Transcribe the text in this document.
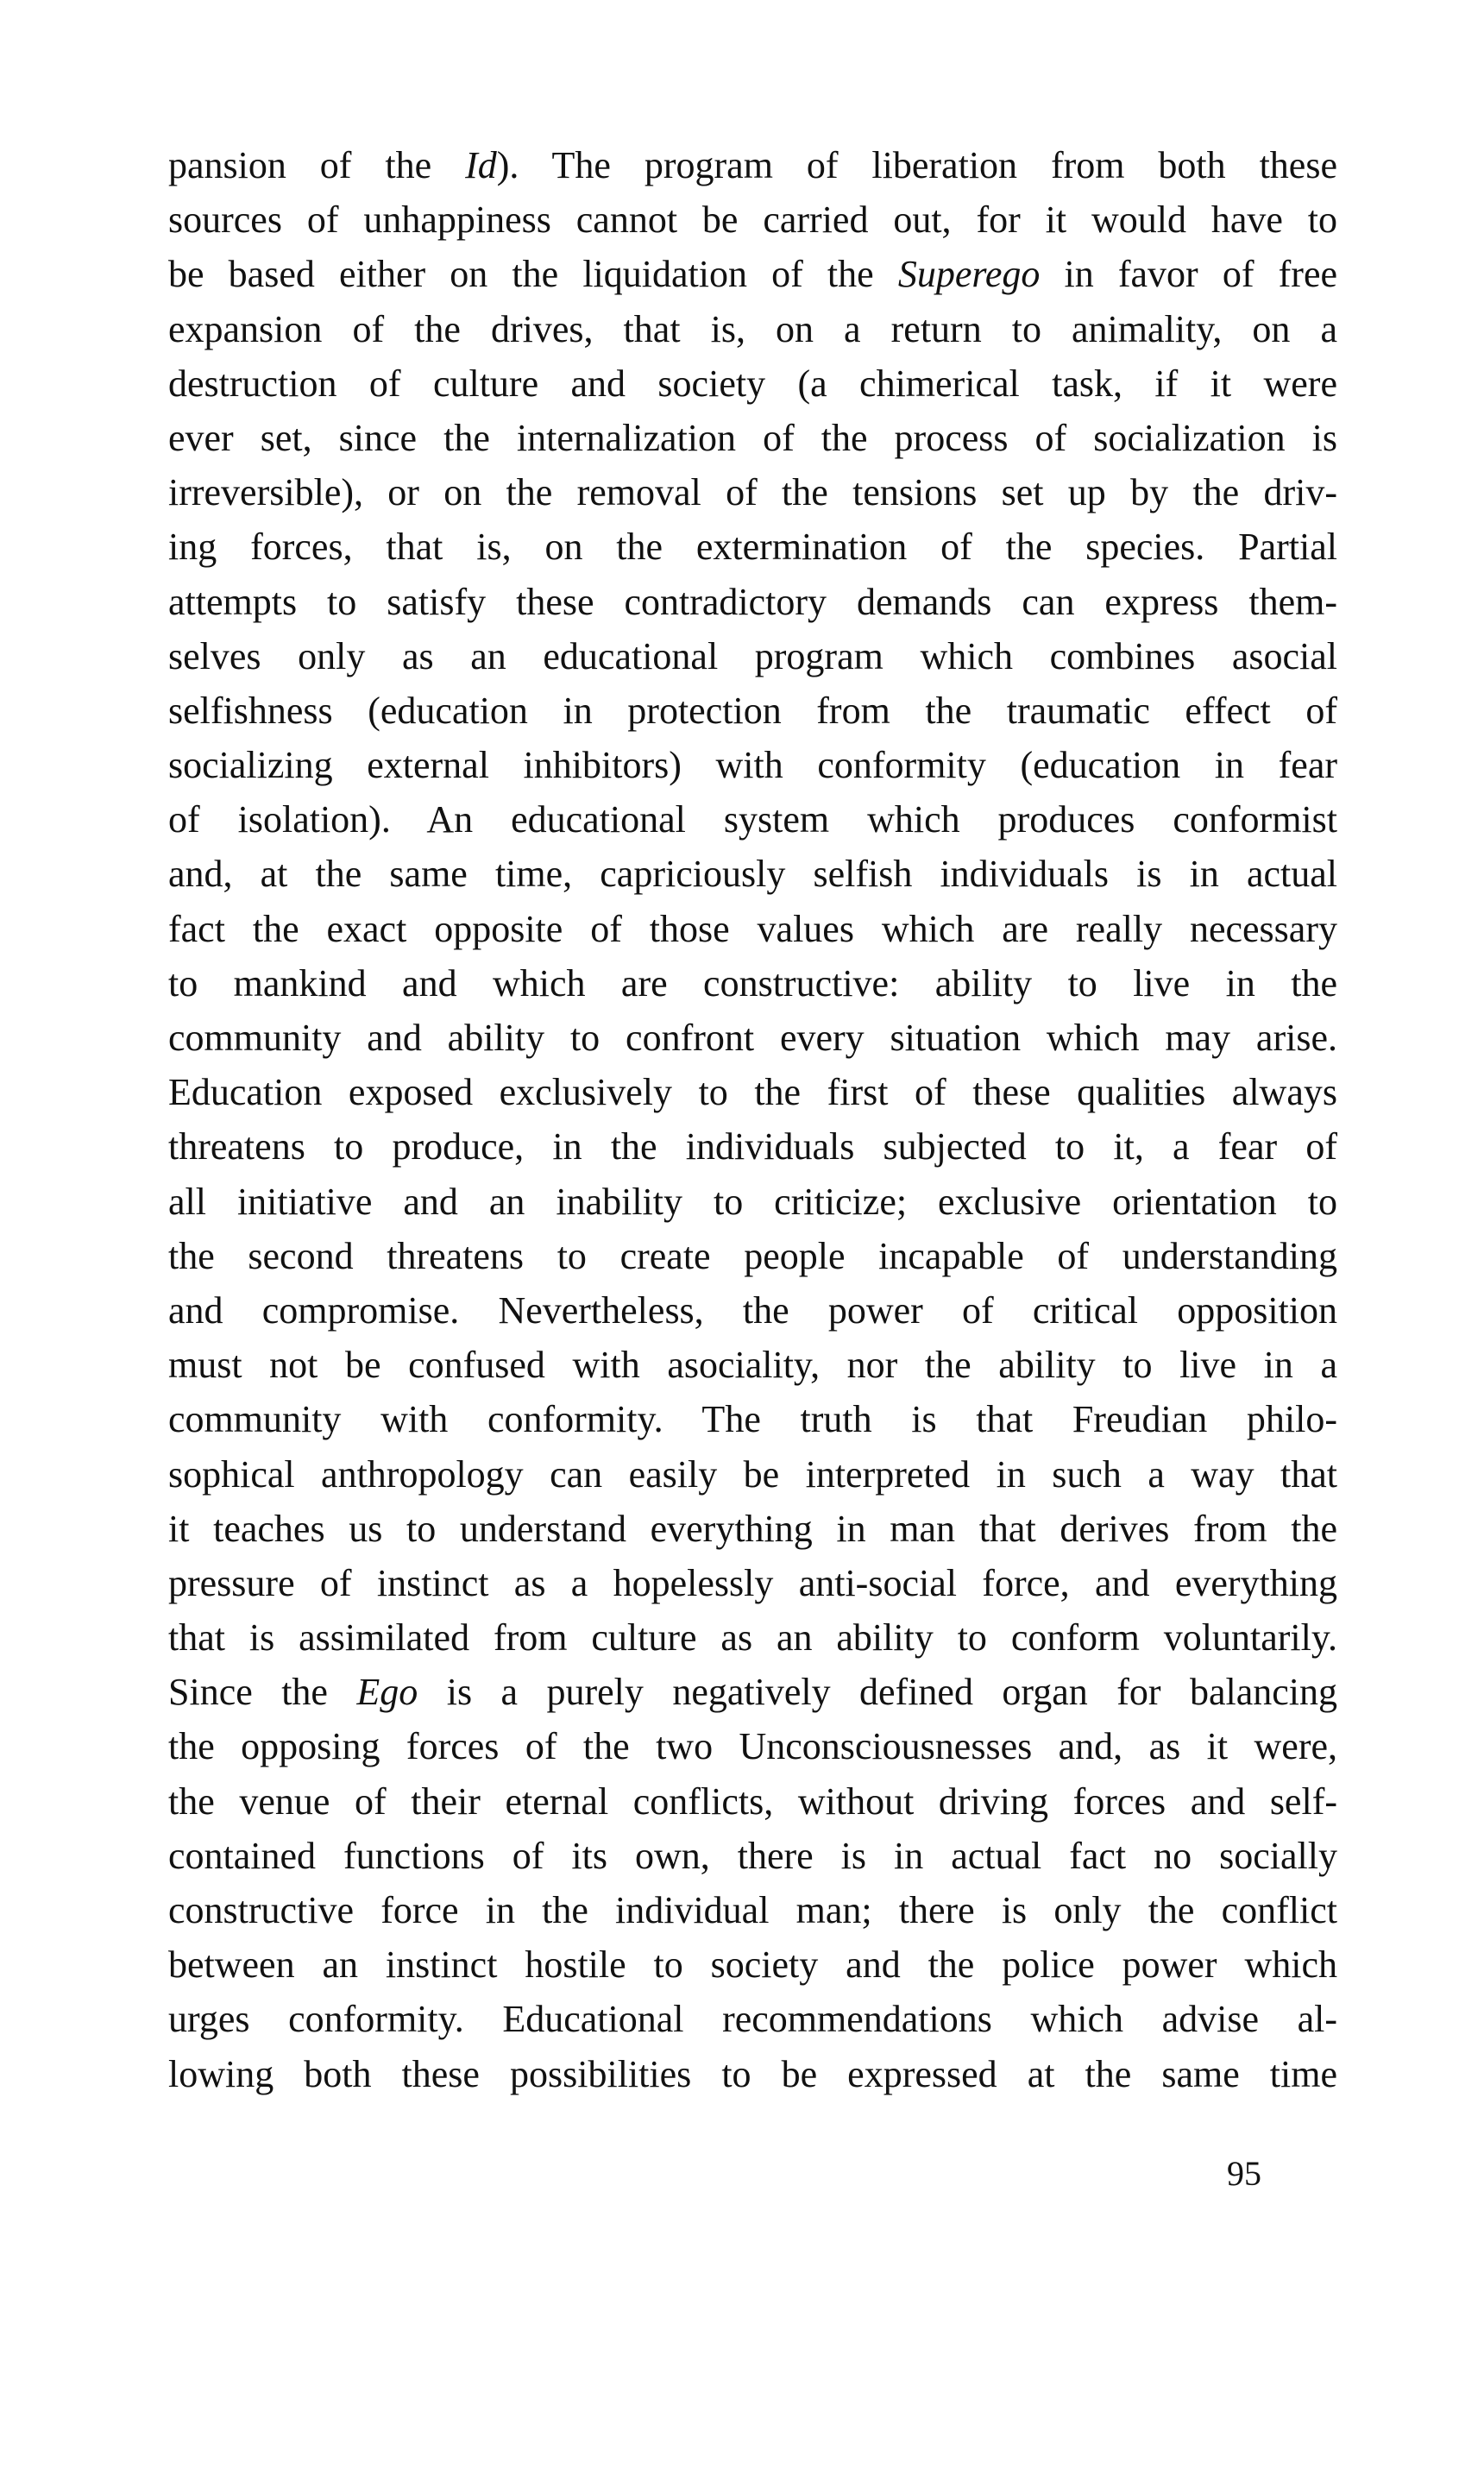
pansion of the Id). The program of liberation from both these
sources of unhappiness cannot be carried out, for it would have to
be based either on the liquidation of the Superego in favor of free
expansion of the drives, that is, on a return to animality, on a
destruction of culture and society (a chimerical task, if it were
ever set, since the internalization of the process of socialization is
irreversible), or on the removal of the tensions set up by the driv-
ing forces, that is, on the extermination of the species. Partial
attempts to satisfy these contradictory demands can express them-
selves only as an educational program which combines asocial
selfishness (education in protection from the traumatic effect of
socializing external inhibitors) with conformity (education in fear
of isolation). An educational system which produces conformist
and, at the same time, capriciously selfish individuals is in actual
fact the exact opposite of those values which are really necessary
to mankind and which are constructive: ability to live in the
community and ability to confront every situation which may arise.
Education exposed exclusively to the first of these qualities always
threatens to produce, in the individuals subjected to it, a fear of
all initiative and an inability to criticize; exclusive orientation to
the second threatens to create people incapable of understanding
and compromise. Nevertheless, the power of critical opposition
must not be confused with asociality, nor the ability to live in a
community with conformity. The truth is that Freudian philo-
sophical anthropology can easily be interpreted in such a way that
it teaches us to understand everything in man that derives from the
pressure of instinct as a hopelessly anti-social force, and everything
that is assimilated from culture as an ability to conform voluntarily.
Since the Ego is a purely negatively defined organ for balancing
the opposing forces of the two Unconsciousnesses and, as it were,
the venue of their eternal conflicts, without driving forces and self-
contained functions of its own, there is in actual fact no socially
constructive force in the individual man; there is only the conflict
between an instinct hostile to society and the police power which
urges conformity. Educational recommendations which advise al-
lowing both these possibilities to be expressed at the same time
95
